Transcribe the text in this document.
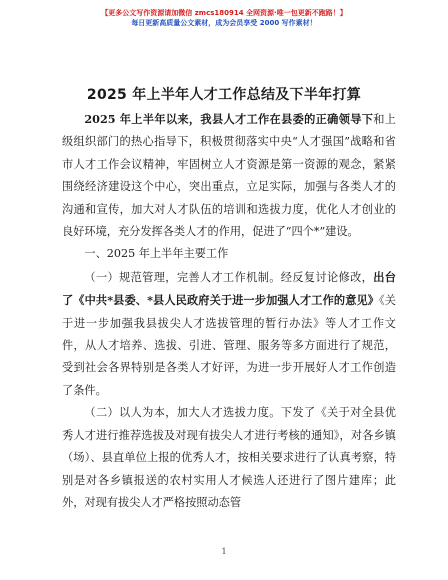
【更多公文写作资源请加微信 zmcs180914 全网资源·唯一包更新不跑路！】
每日更新高质量公文素材，成为会员享受 2000 写作素材！
2025 年上半年人才工作总结及下半年打算

2025 年上半年以来，我县人才工作在县委的正确领导下和上级组织部门的热心指导下，积极贯彻落实中央“人才强国”战略和省市人才工作会议精神，牢固树立人才资源是第一资源的观念，紧紧围绕经济建设这个中心，突出重点，立足实际，加强与各类人才的沟通和宣传，加大对人才队伍的培训和选拔力度，优化人才创业的良好环境，充分发挥各类人才的作用，促进了“四个*”建设。

一、2025 年上半年主要工作

（一）规范管理，完善人才工作机制。经反复讨论修改，出台了《中共*县委、*县人民政府关于进一步加强人才工作的意见》《关于进一步加强我县拔尖人才选拔管理的暂行办法》等人才工作文件，从人才培养、选拔、引进、管理、服务等多方面进行了规范，受到社会各界特别是各类人才好评，为进一步开展好人才工作创造了条件。

（二）以人为本，加大人才选拔力度。下发了《关于对全县优秀人才进行推荐选拔及对现有拔尖人才进行考核的通知》，对各乡镇（场）、县直单位上报的优秀人才，按相关要求进行了认真考察，特别是对各乡镇报送的农村实用人才候选人还进行了图片建库；此外，对现有拔尖人才严格按照动态管

1
